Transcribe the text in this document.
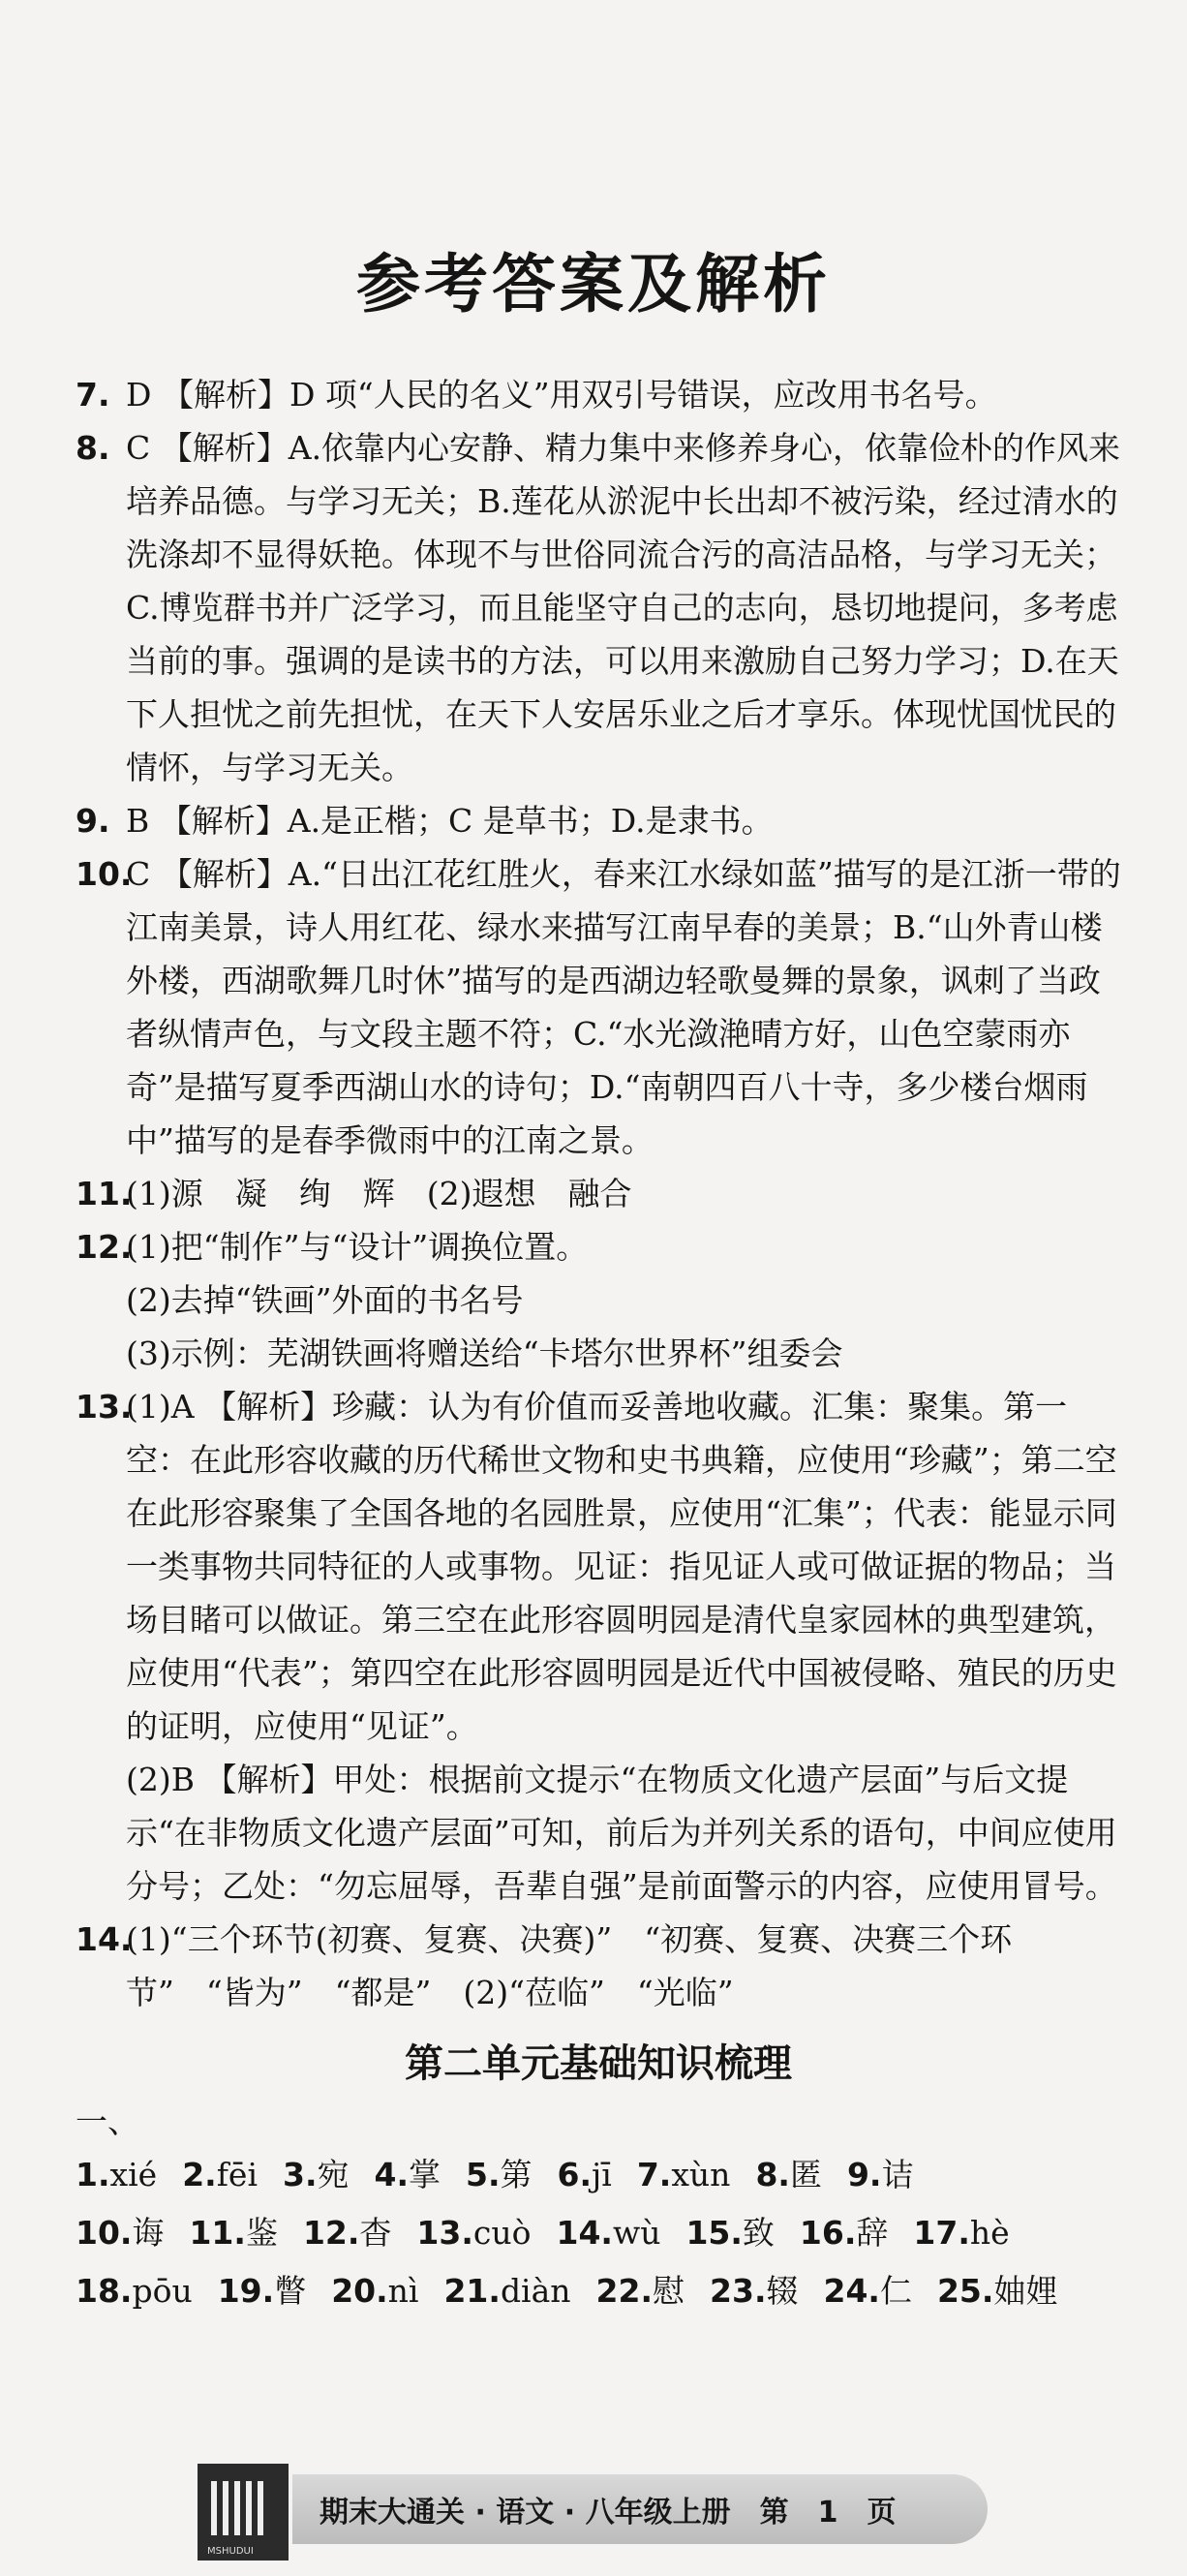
参考答案及解析
7. D 【解析】D 项“人民的名义”用双引号错误，应改用书名号。
8. C 【解析】A.依靠内心安静、精力集中来修养身心，依靠俭朴的作风来培养品德。与学习无关；B.莲花从淤泥中长出却不被污染，经过清水的洗涤却不显得妖艳。体现不与世俗同流合污的高洁品格，与学习无关；C.博览群书并广泛学习，而且能坚守自己的志向，恳切地提问，多考虑当前的事。强调的是读书的方法，可以用来激励自己努力学习；D.在天下人担忧之前先担忧，在天下人安居乐业之后才享乐。体现忧国忧民的情怀，与学习无关。
9. B 【解析】A.是正楷；C 是草书；D.是隶书。
10.
C 【解析】A.“日出江花红胜火，春来江水绿如蓝”描写的是江浙一带的江南美景，诗人用红花、绿水来描写江南早春的美景；B.“山外青山楼外楼，西湖歌舞几时休”描写的是西湖边轻歌曼舞的景象，讽刺了当政者纵情声色，与文段主题不符；C.“水光潋滟晴方好，山色空蒙雨亦奇”是描写夏季西湖山水的诗句；D.“南朝四百八十寺，多少楼台烟雨中”描写的是春季微雨中的江南之景。
11.
(1)源　凝　绚　辉　(2)遐想　融合
12.
(1)把“制作”与“设计”调换位置。
(2)去掉“铁画”外面的书名号
(3)示例：芜湖铁画将赠送给“卡塔尔世界杯”组委会
13.
(1)A 【解析】珍藏：认为有价值而妥善地收藏。汇集：聚集。第一空：在此形容收藏的历代稀世文物和史书典籍，应使用“珍藏”；第二空在此形容聚集了全国各地的名园胜景，应使用“汇集”；代表：能显示同一类事物共同特征的人或事物。见证：指见证人或可做证据的物品；当场目睹可以做证。第三空在此形容圆明园是清代皇家园林的典型建筑，应使用“代表”；第四空在此形容圆明园是近代中国被侵略、殖民的历史的证明，应使用“见证”。
(2)B 【解析】甲处：根据前文提示“在物质文化遗产层面”与后文提示“在非物质文化遗产层面”可知，前后为并列关系的语句，中间应使用分号；乙处：“勿忘屈辱，吾辈自强”是前面警示的内容，应使用冒号。
14.
(1)“三个环节(初赛、复赛、决赛)”　“初赛、复赛、决赛三个环节”　“皆为”　“都是”　(2)“莅临”　“光临”
第二单元基础知识梳理
一、
1.xié 2.fēi 3.宛 4.掌 5.第 6.jī 7.xùn 8.匿 9.诘
10.诲 11.鉴 12.杳 13.cuò 14.wù 15.致 16.辞 17.hè
18.pōu 19.瞥 20.nì 21.diàn 22.慰 23.辍 24.仁 25.妯娌
期末大通关 · 语文 · 八年级上册　第　1　页
MSHUDUI
